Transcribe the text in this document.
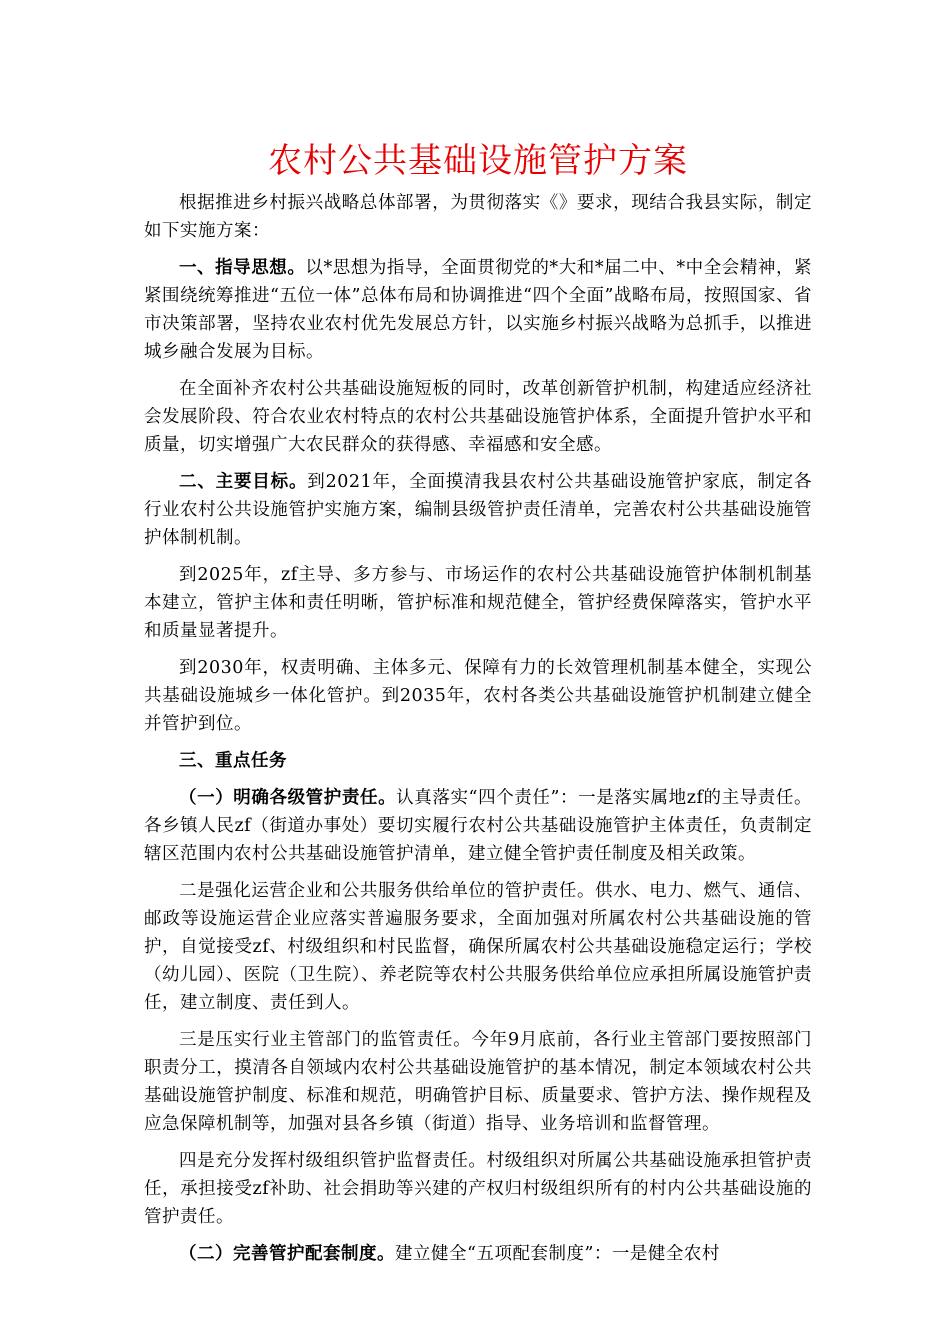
农村公共基础设施管护方案

根据推进乡村振兴战略总体部署，为贯彻落实《》要求，现结合我县实际，制定如下实施方案：

一、指导思想。以*思想为指导，全面贯彻党的*大和*届二中、*中全会精神，紧紧围绕统筹推进“五位一体”总体布局和协调推进“四个全面”战略布局，按照国家、省市决策部署，坚持农业农村优先发展总方针，以实施乡村振兴战略为总抓手，以推进城乡融合发展为目标。

在全面补齐农村公共基础设施短板的同时，改革创新管护机制，构建适应经济社会发展阶段、符合农业农村特点的农村公共基础设施管护体系，全面提升管护水平和质量，切实增强广大农民群众的获得感、幸福感和安全感。

二、主要目标。到2021年，全面摸清我县农村公共基础设施管护家底，制定各行业农村公共设施管护实施方案，编制县级管护责任清单，完善农村公共基础设施管护体制机制。

到2025年，zf主导、多方参与、市场运作的农村公共基础设施管护体制机制基本建立，管护主体和责任明晰，管护标准和规范健全，管护经费保障落实，管护水平和质量显著提升。

到2030年，权责明确、主体多元、保障有力的长效管理机制基本健全，实现公共基础设施城乡一体化管护。到2035年，农村各类公共基础设施管护机制建立健全并管护到位。

三、重点任务

（一）明确各级管护责任。认真落实“四个责任”：一是落实属地zf的主导责任。各乡镇人民zf（街道办事处）要切实履行农村公共基础设施管护主体责任，负责制定辖区范围内农村公共基础设施管护清单，建立健全管护责任制度及相关政策。

二是强化运营企业和公共服务供给单位的管护责任。供水、电力、燃气、通信、邮政等设施运营企业应落实普遍服务要求，全面加强对所属农村公共基础设施的管护，自觉接受zf、村级组织和村民监督，确保所属农村公共基础设施稳定运行；学校（幼儿园）、医院（卫生院）、养老院等农村公共服务供给单位应承担所属设施管护责任，建立制度、责任到人。

三是压实行业主管部门的监管责任。今年9月底前，各行业主管部门要按照部门职责分工，摸清各自领域内农村公共基础设施管护的基本情况，制定本领域农村公共基础设施管护制度、标准和规范，明确管护目标、质量要求、管护方法、操作规程及应急保障机制等，加强对县各乡镇（街道）指导、业务培训和监督管理。

四是充分发挥村级组织管护监督责任。村级组织对所属公共基础设施承担管护责任，承担接受zf补助、社会捐助等兴建的产权归村级组织所有的村内公共基础设施的管护责任。

（二）完善管护配套制度。建立健全“五项配套制度”：一是健全农村
